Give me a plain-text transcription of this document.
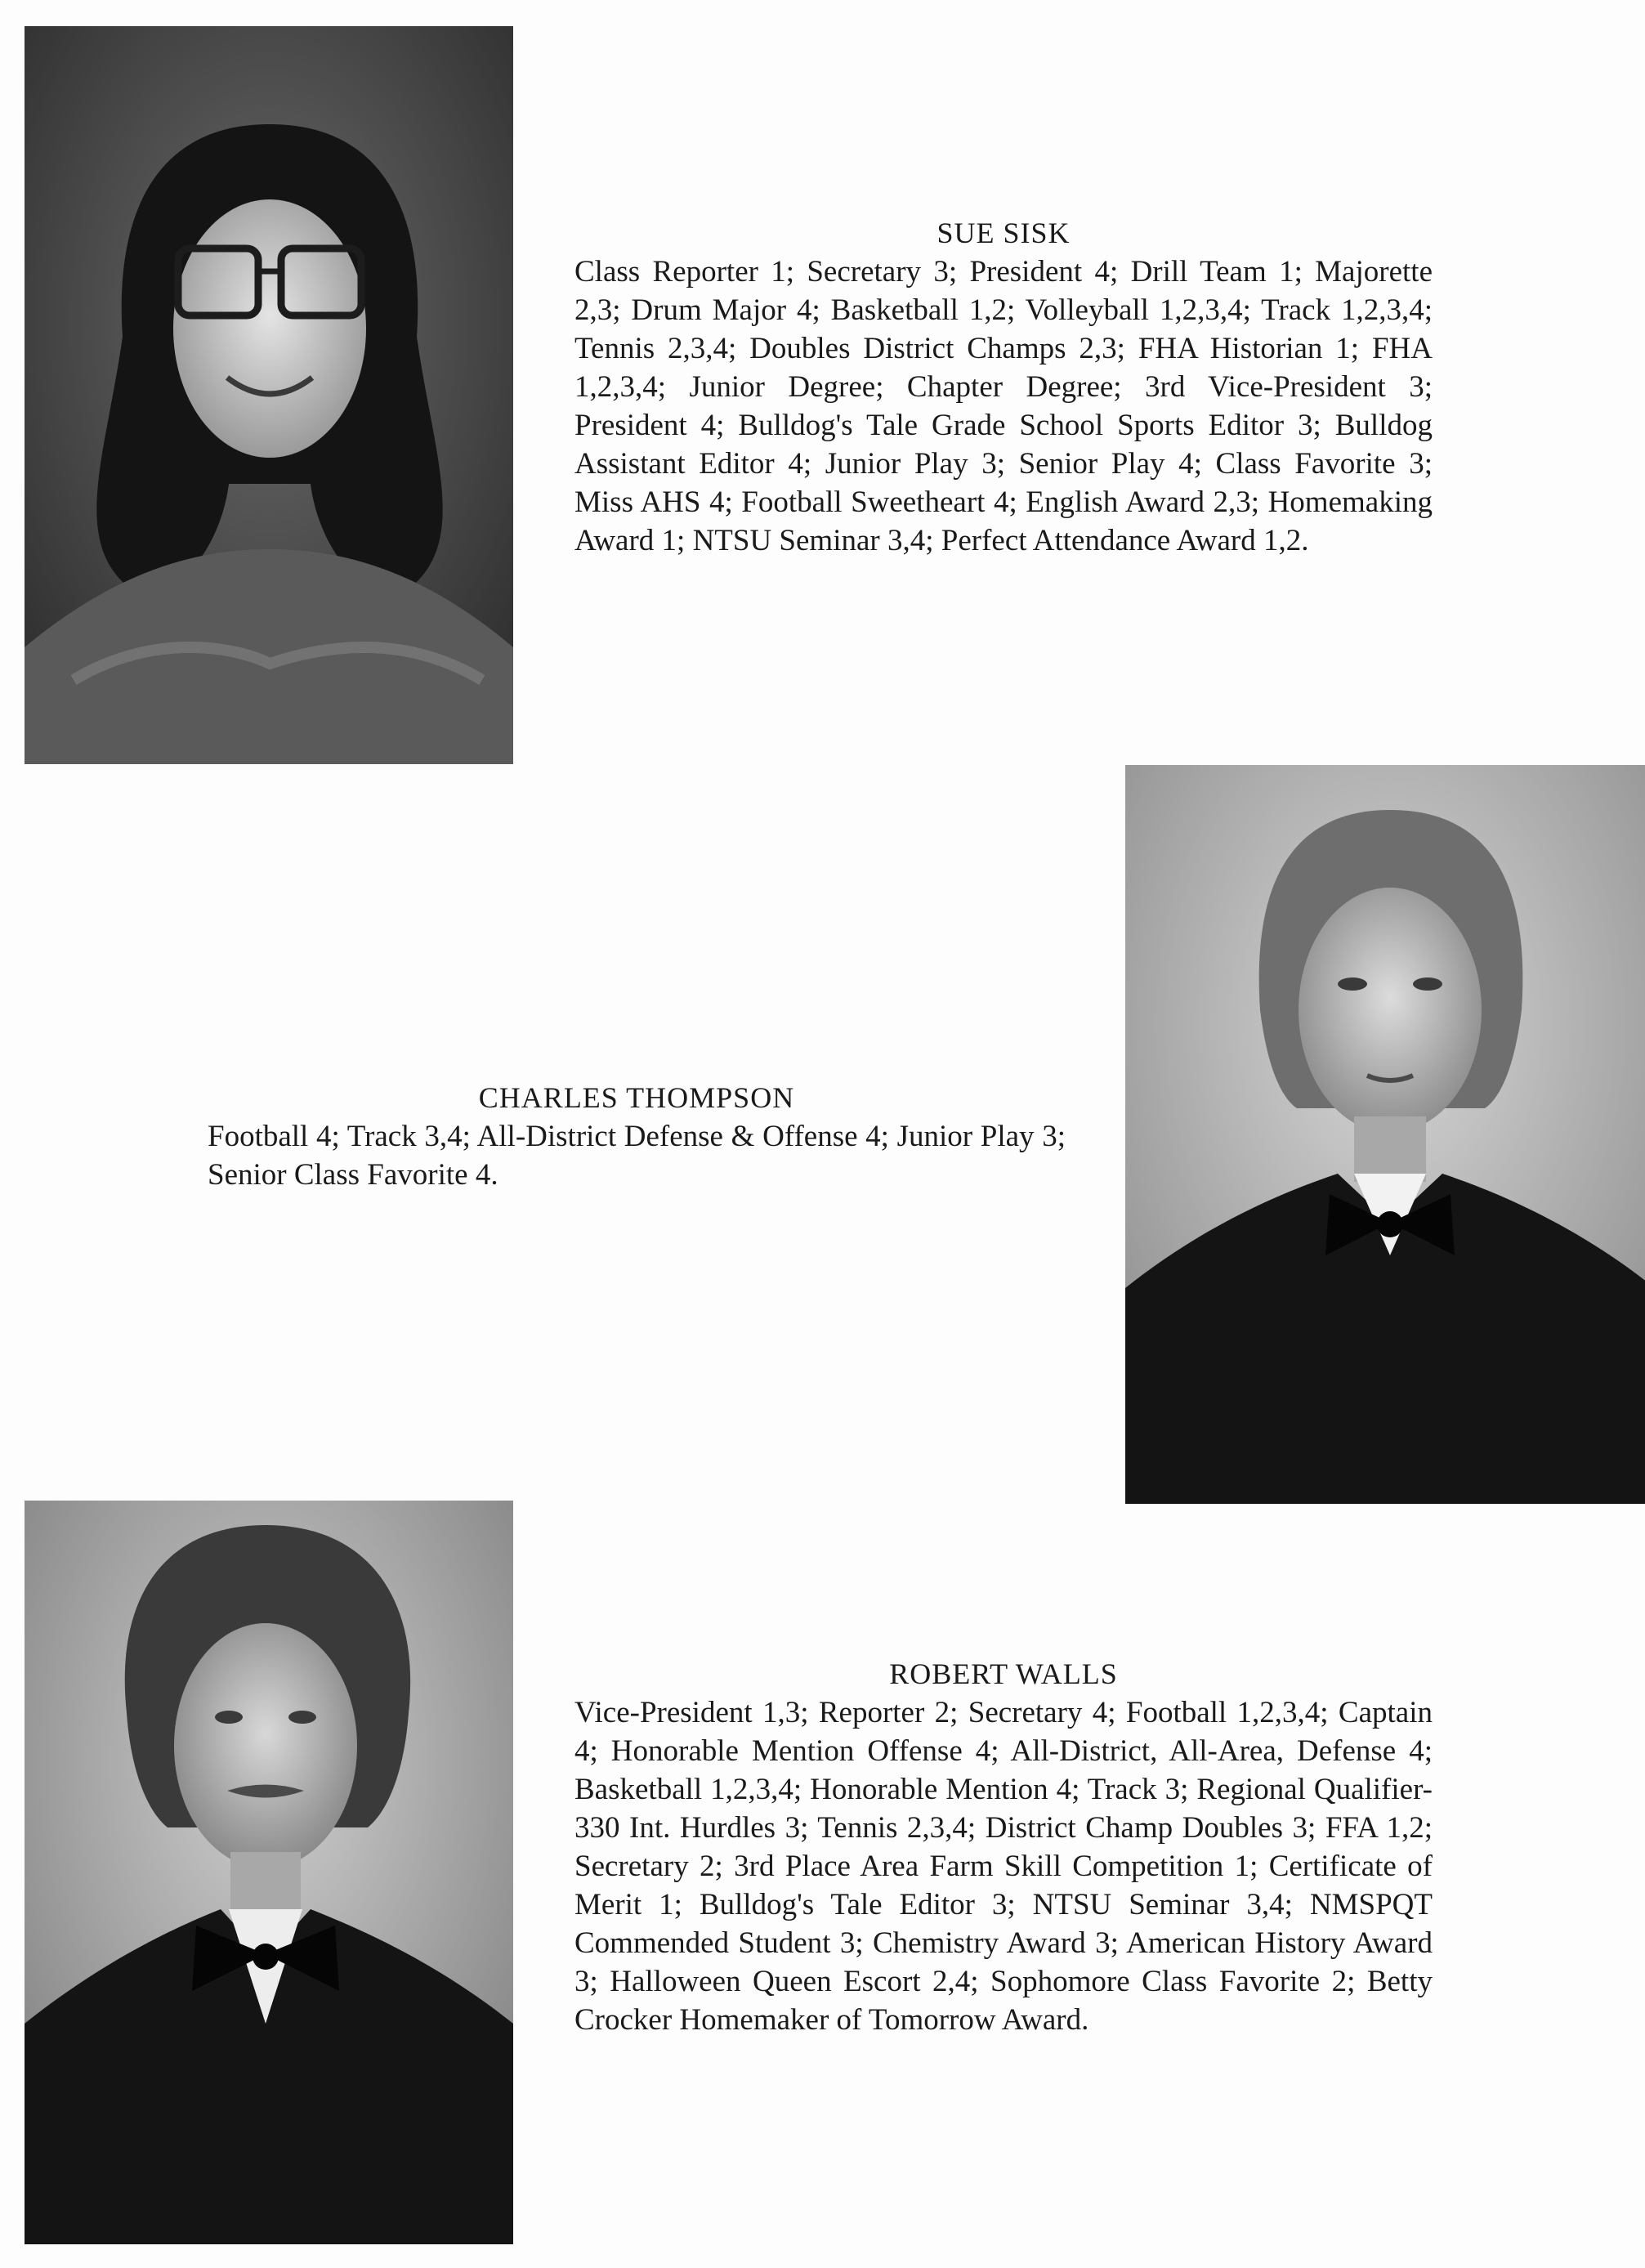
SUE SISK
Class Reporter 1; Secretary 3; President 4; Drill Team 1; Majorette 2,3; Drum Major 4; Basketball 1,2; Volleyball 1,2,3,4; Track 1,2,3,4; Tennis 2,3,4; Doubles District Champs 2,3; FHA Historian 1; FHA 1,2,3,4; Junior Degree; Chapter Degree; 3rd Vice-President 3; President 4; Bulldog's Tale Grade School Sports Editor 3; Bulldog Assistant Editor 4; Junior Play 3; Senior Play 4; Class Favorite 3; Miss AHS 4; Football Sweetheart 4; English Award 2,3; Homemaking Award 1; NTSU Seminar 3,4; Perfect Attendance Award 1,2.
CHARLES THOMPSON
Football 4; Track 3,4; All-District Defense & Offense 4; Junior Play 3; Senior Class Favorite 4.
ROBERT WALLS
Vice-President 1,3; Reporter 2; Secretary 4; Football 1,2,3,4; Captain 4; Honorable Mention Offense 4; All-District, All-Area, Defense 4; Basketball 1,2,3,4; Honorable Mention 4; Track 3; Regional Qualifier-330 Int. Hurdles 3; Tennis 2,3,4; District Champ Doubles 3; FFA 1,2; Secretary 2; 3rd Place Area Farm Skill Competition 1; Certificate of Merit 1; Bulldog's Tale Editor 3; NTSU Seminar 3,4; NMSPQT Commended Student 3; Chemistry Award 3; American History Award 3; Halloween Queen Escort 2,4; Sophomore Class Favorite 2; Betty Crocker Homemaker of Tomorrow Award.
